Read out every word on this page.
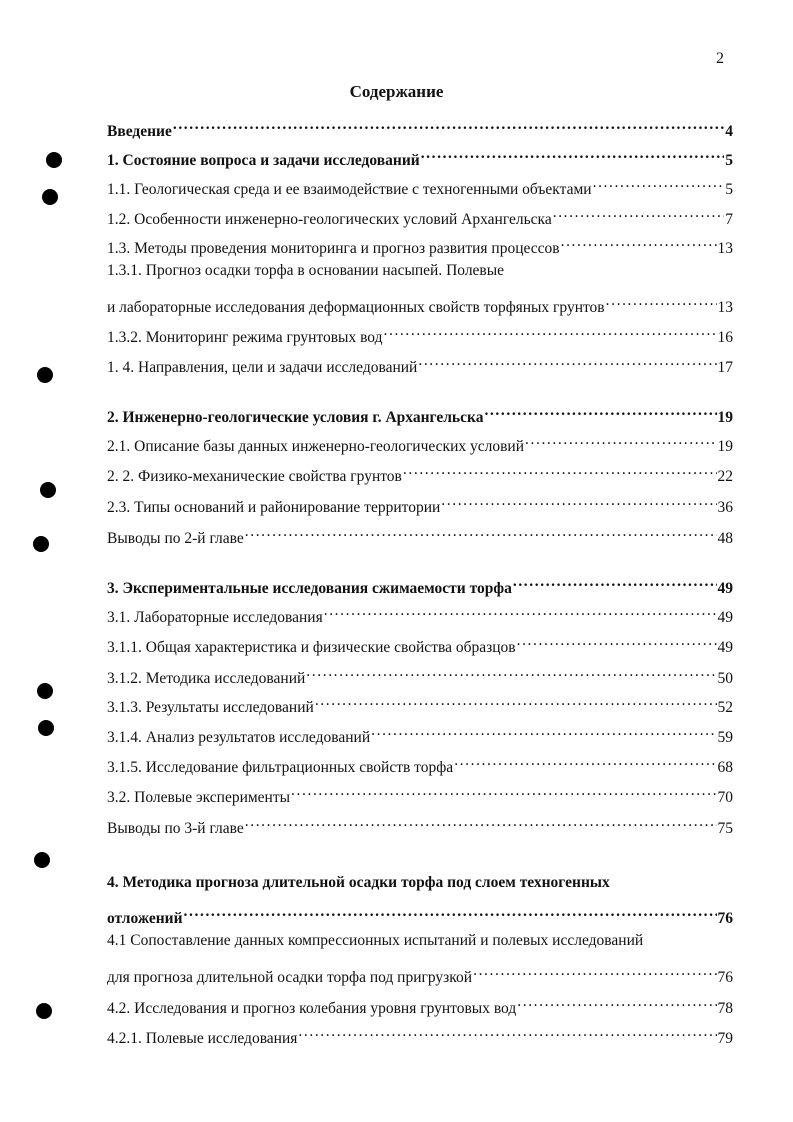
2
Содержание
Введение .....	4
1. Состояние вопроса и задачи исследований .....	5
1.1. Геологическая среда и ее взаимодействие с техногенными объектами .....	5
1.2. Особенности инженерно-геологических условий Архангельска .....	7
1.3. Методы проведения мониторинга и прогноз развития процессов .....	13
1.3.1. Прогноз осадки торфа в основании насыпей. Полевые
и лабораторные исследования деформационных свойств торфяных грунтов .....	13
1.3.2. Мониторинг режима грунтовых вод .....	16
1. 4. Направления, цели и задачи исследований .....	17
2. Инженерно-геологические условия г. Архангельска .....	19
2.1. Описание базы данных инженерно-геологических условий .....	19
2. 2. Физико-механические свойства грунтов .....	22
2.3. Типы оснований и районирование территории .....	36
Выводы по 2-й главе .....	48
3. Экспериментальные исследования сжимаемости торфа .....	49
3.1. Лабораторные исследования .....	49
3.1.1. Общая характеристика и физические свойства образцов .....	49
3.1.2. Методика исследований .....	50
3.1.3. Результаты исследований .....	52
3.1.4. Анализ результатов исследований .....	59
3.1.5. Исследование фильтрационных свойств торфа .....	68
3.2. Полевые эксперименты .....	70
Выводы по 3-й главе .....	75
4. Методика прогноза длительной осадки торфа под слоем техногенных
отложений .....	76
4.1 Сопоставление данных компрессионных испытаний и полевых исследований
для прогноза длительной осадки торфа под пригрузкой .....	76
4.2. Исследования и прогноз колебания уровня грунтовых вод .....	78
4.2.1. Полевые исследования .....	79
